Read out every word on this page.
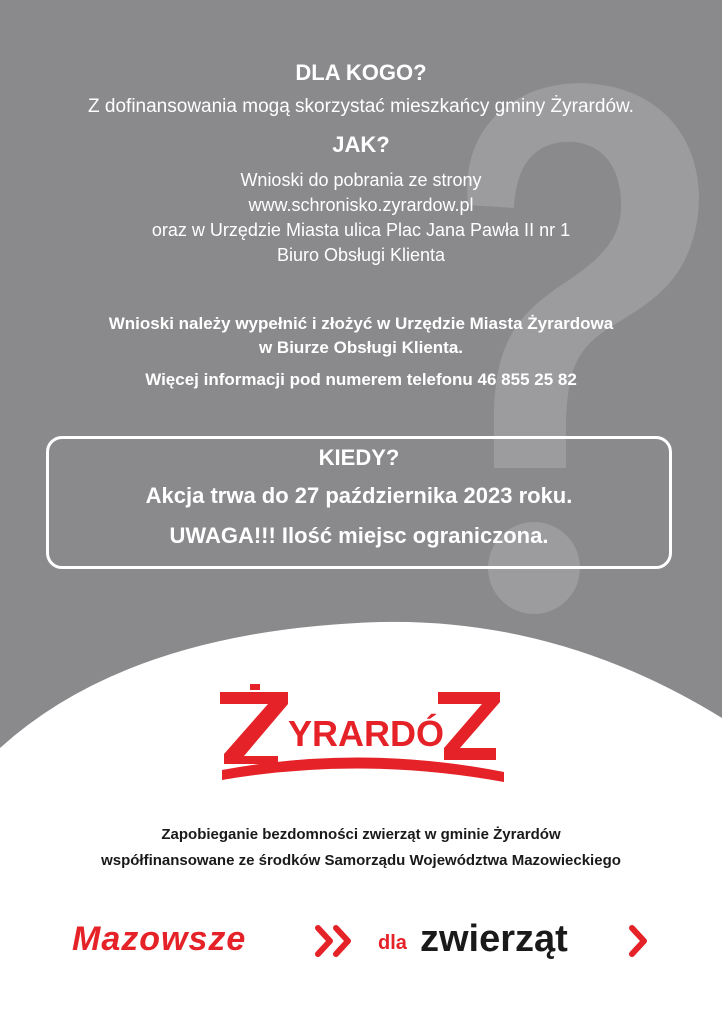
DLA KOGO?
Z dofinansowania mogą skorzystać mieszkańcy gminy Żyrardów.
JAK?
Wnioski do pobrania ze strony
www.schronisko.zyrardow.pl
oraz w Urzędzie Miasta ulica Plac Jana Pawła II nr 1
Biuro Obsługi Klienta
Wnioski należy wypełnić i złożyć w Urzędzie Miasta Żyrardowa
w Biurze Obsługi Klienta.
Więcej informacji pod numerem telefonu 46 855 25 82
KIEDY?
Akcja trwa do 27 października 2023 roku.
UWAGA!!! Ilość miejsc ograniczona.
YRARDÓ
Zapobieganie bezdomności zwierząt w gminie Żyrardów
współfinansowane ze środków Samorządu Województwa Mazowieckiego
Mazowsze	dla zwierząt
